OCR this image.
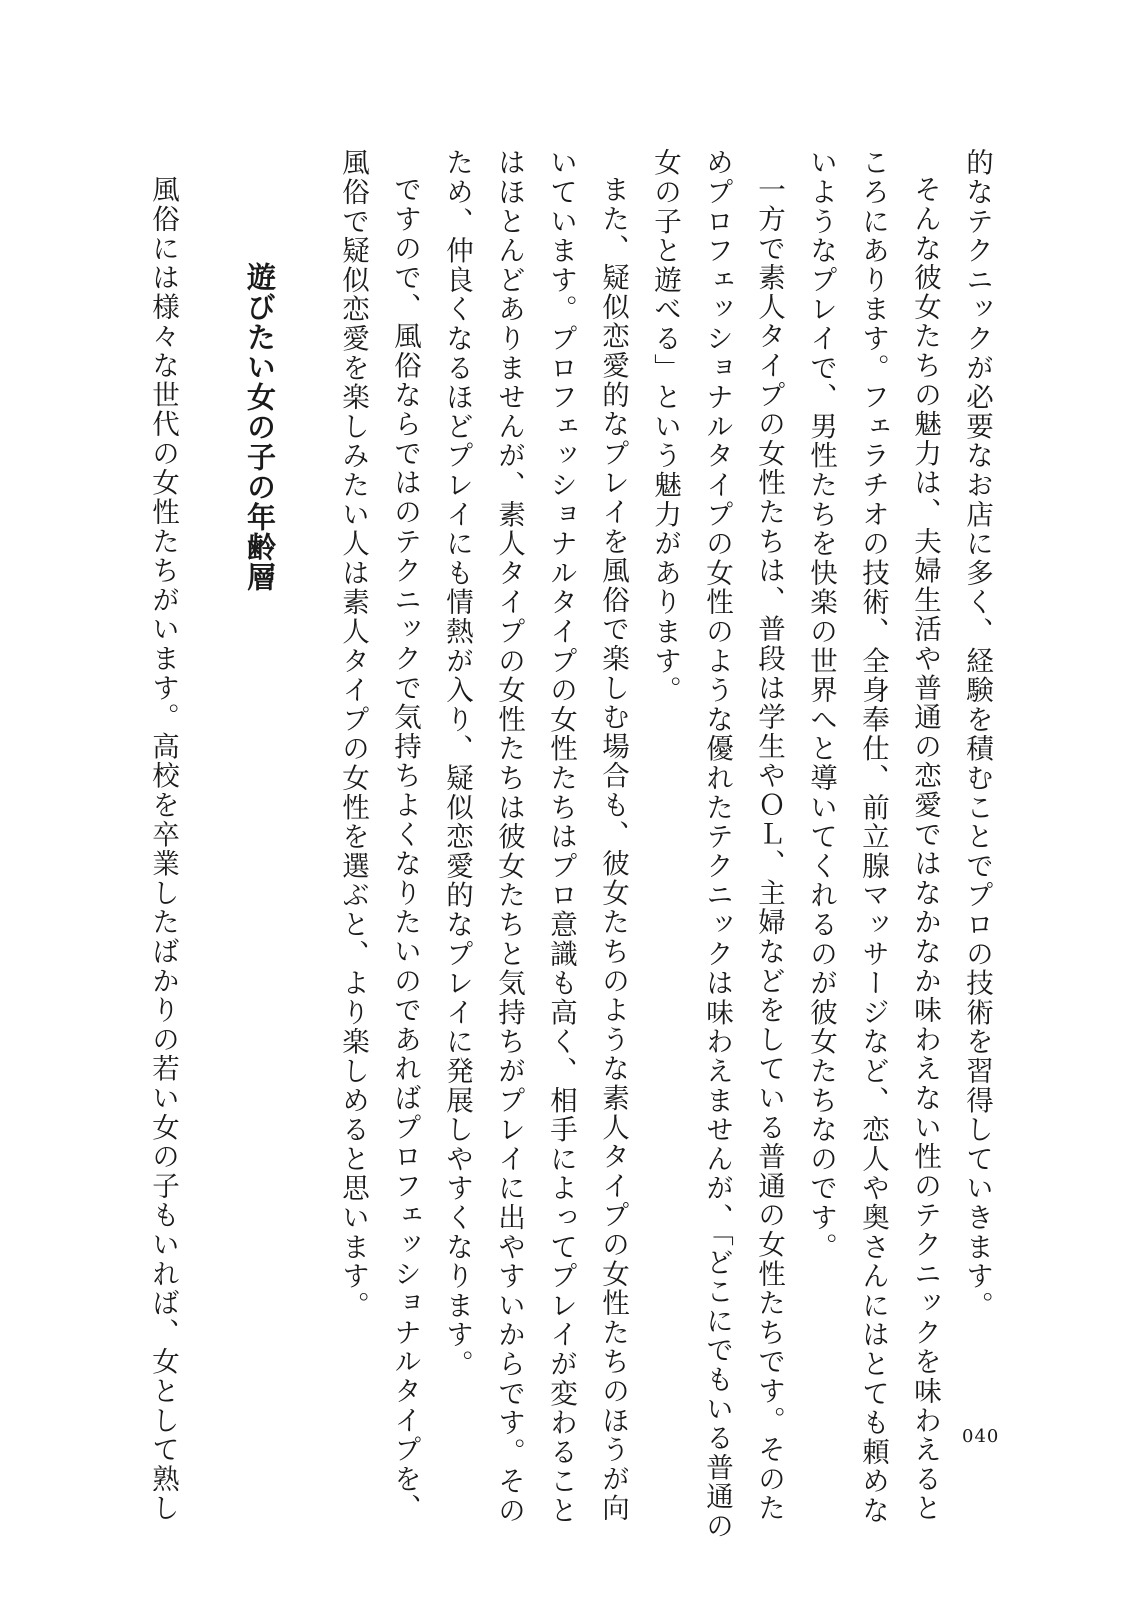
的なテクニックが必要なお店に多く、経験を積むことでプロの技術を習得していきます。
そんな彼女たちの魅力は、夫婦生活や普通の恋愛ではなかなか味わえない性のテクニックを味わえると
ころにあります。フェラチオの技術、全身奉仕、前立腺マッサージなど、恋人や奥さんにはとても頼めな
いようなプレイで、男性たちを快楽の世界へと導いてくれるのが彼女たちなのです。
一方で素人タイプの女性たちは、普段は学生やＯＬ、主婦などをしている普通の女性たちです。そのた
めプロフェッショナルタイプの女性のような優れたテクニックは味わえませんが、「どこにでもいる普通の
女の子と遊べる」という魅力があります。
また、疑似恋愛的なプレイを風俗で楽しむ場合も、彼女たちのような素人タイプの女性たちのほうが向
いています。プロフェッショナルタイプの女性たちはプロ意識も高く、相手によってプレイが変わること
はほとんどありませんが、素人タイプの女性たちは彼女たちと気持ちがプレイに出やすいからです。その
ため、仲良くなるほどプレイにも情熱が入り、疑似恋愛的なプレイに発展しやすくなります。
ですので、風俗ならではのテクニックで気持ちよくなりたいのであればプロフェッショナルタイプを、
風俗で疑似恋愛を楽しみたい人は素人タイプの女性を選ぶと、より楽しめると思います。
遊びたい女の子の年齢層
風俗には様々な世代の女性たちがいます。高校を卒業したばかりの若い女の子もいれば、女として熟し	040
